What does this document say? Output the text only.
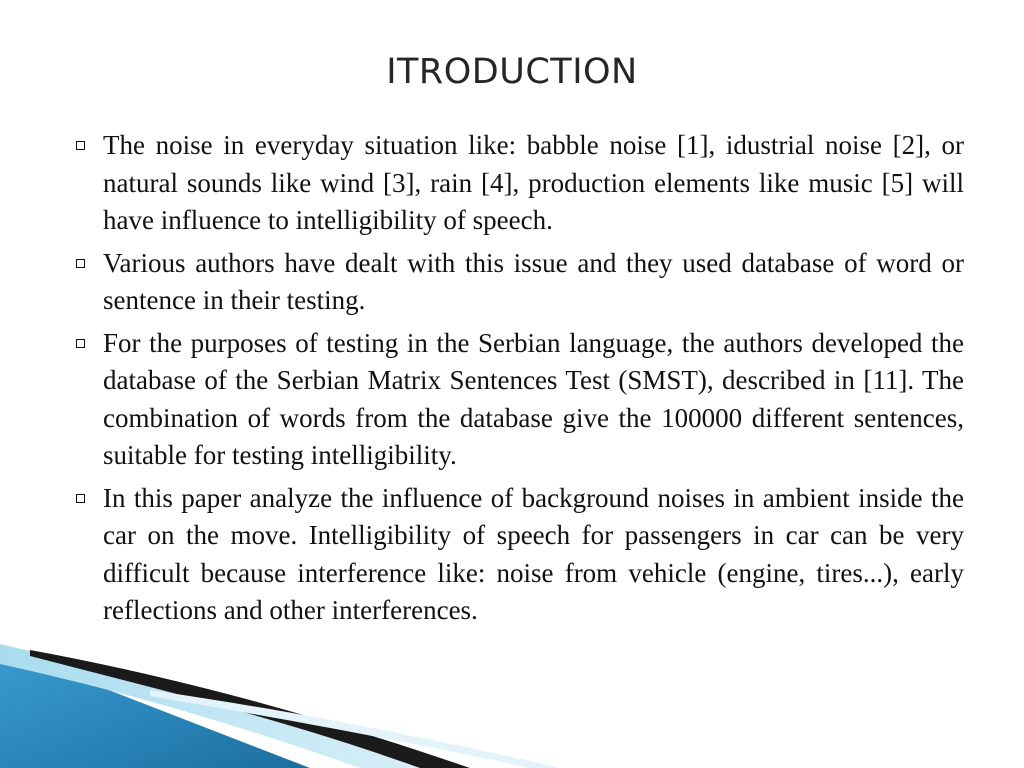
ITRODUCTION
The noise in everyday situation like: babble noise [1], idustrial noise [2], or natural sounds like wind [3], rain [4], production elements like music [5] will have influence to intelligibility of speech.
Various authors have dealt with this issue and they used database of word or sentence in their testing.
For the purposes of testing in the Serbian language, the authors developed the database of the Serbian Matrix Sentences Test (SMST), described in [11]. The combination of words from the database give the 100000 different sentences, suitable for testing intelligibility.
In this paper analyze the influence of background noises in ambient inside the car on the move. Intelligibility of speech for passengers in car can be very difficult because interference like: noise from vehicle (engine, tires...), early reflections and other interferences.
